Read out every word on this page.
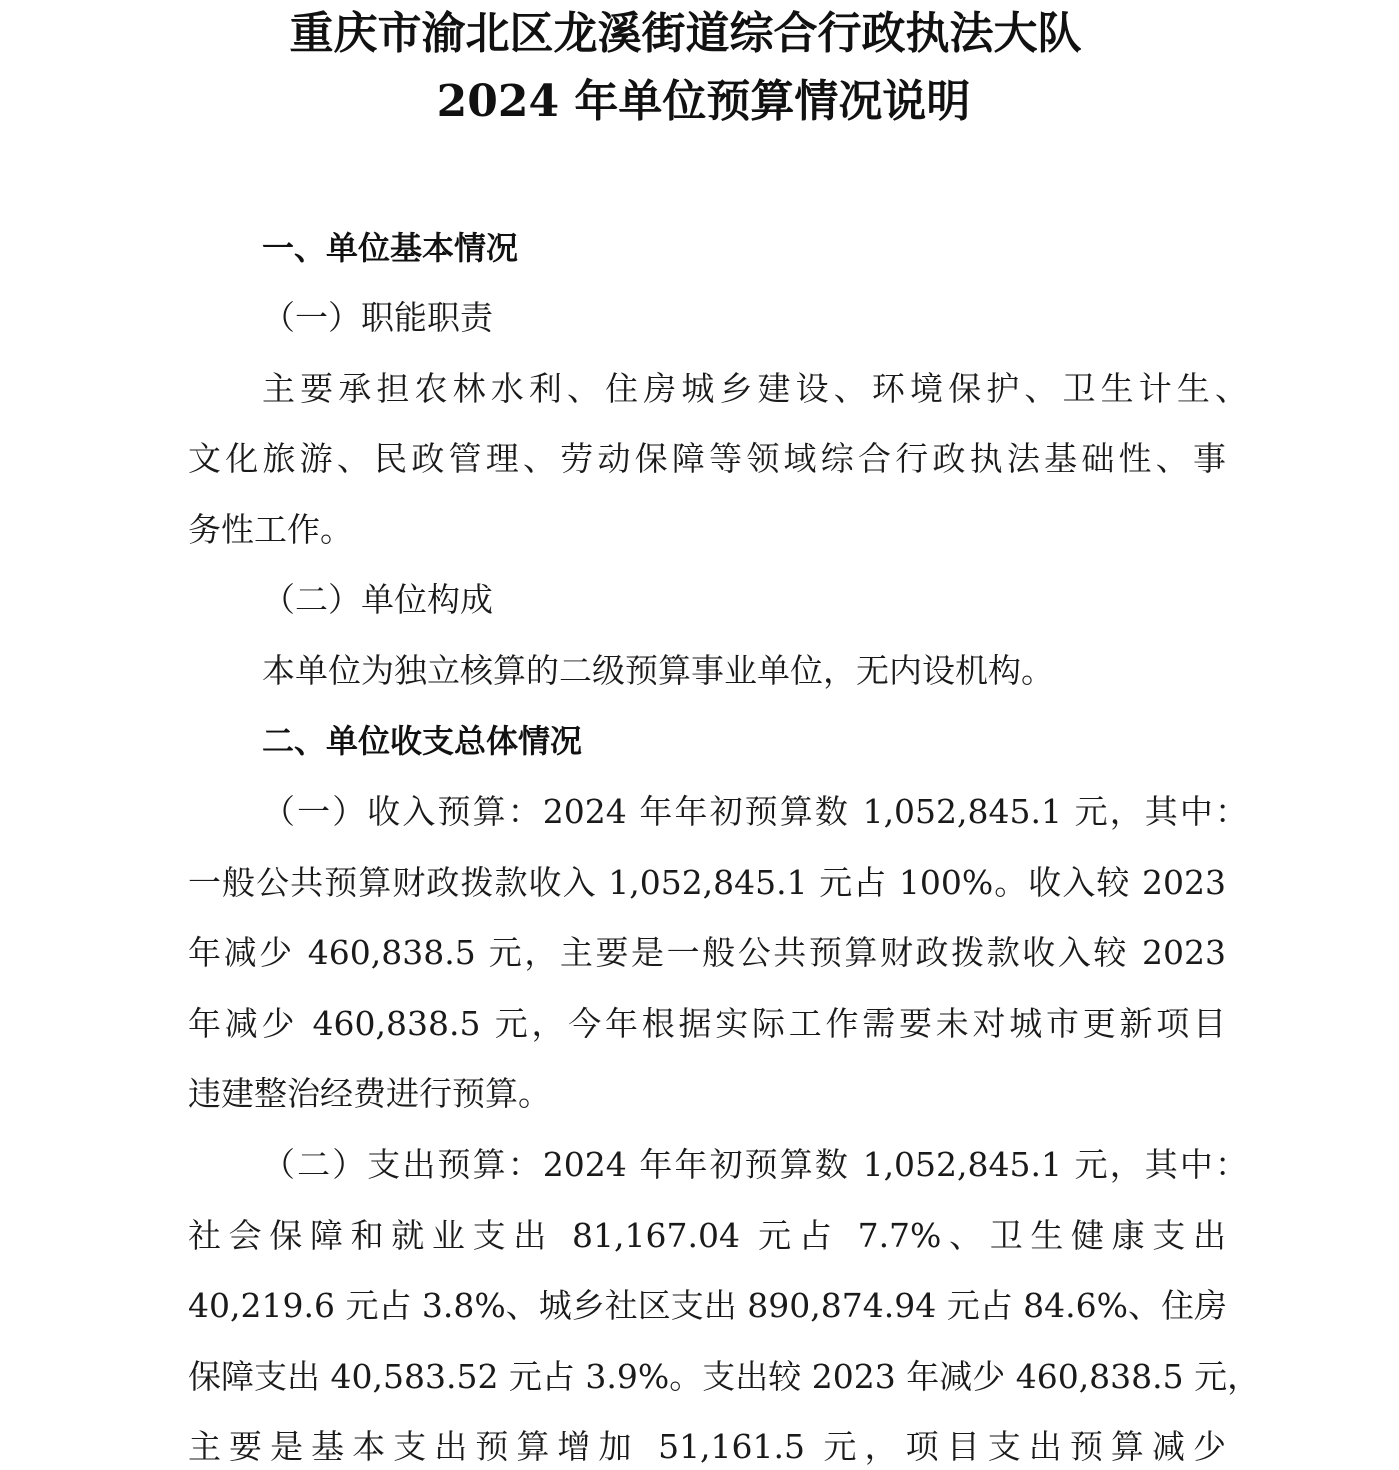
重庆市渝北区龙溪街道综合行政执法大队
2024 年单位预算情况说明
一、单位基本情况
（一）职能职责
主要承担农林水利、住房城乡建设、环境保护、卫生计生、
文化旅游、民政管理、劳动保障等领域综合行政执法基础性、事
务性工作。
（二）单位构成
本单位为独立核算的二级预算事业单位，无内设机构。
二、单位收支总体情况
（一）收入预算：2024 年年初预算数 1,052,845.1 元，其中：
一般公共预算财政拨款收入 1,052,845.1 元占 100%。收入较 2023
年减少 460,838.5 元，主要是一般公共预算财政拨款收入较 2023
年减少 460,838.5 元，今年根据实际工作需要未对城市更新项目
违建整治经费进行预算。
（二）支出预算：2024 年年初预算数 1,052,845.1 元，其中：
社会保障和就业支出 81,167.04 元占 7.7%、卫生健康支出
40,219.6 元占 3.8%、城乡社区支出 890,874.94 元占 84.6%、住房
保障支出 40,583.52 元占 3.9%。支出较 2023 年减少 460,838.5 元，
主要是基本支出预算增加 51,161.5 元，项目支出预算减少
